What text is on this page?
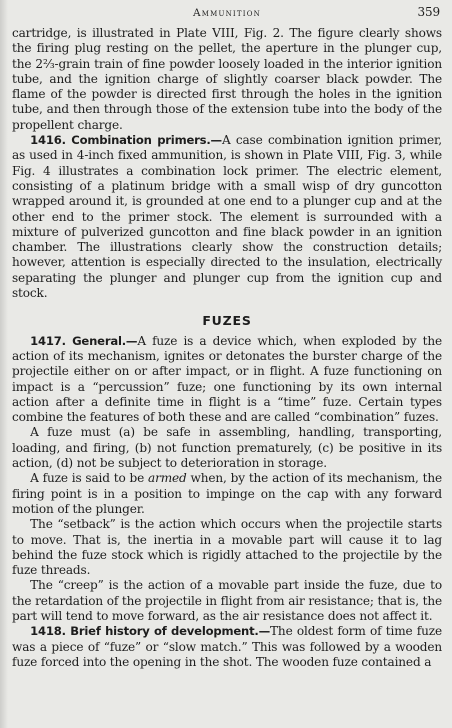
Ammunition	359

cartridge, is illustrated in Plate VIII, Fig. 2. The figure clearly shows the firing plug resting on the pellet, the aperture in the plunger cup, the 2⅔-grain train of fine powder loosely loaded in the interior ignition tube, and the ignition charge of slightly coarser black powder. The flame of the powder is directed first through the holes in the ignition tube, and then through those of the extension tube into the body of the propellent charge.

1416. Combination primers.—A case combination ignition primer, as used in 4-inch fixed ammunition, is shown in Plate VIII, Fig. 3, while Fig. 4 illustrates a combination lock primer. The electric element, consisting of a platinum bridge with a small wisp of dry guncotton wrapped around it, is grounded at one end to a plunger cup and at the other end to the primer stock. The element is surrounded with a mixture of pulverized guncotton and fine black powder in an ignition chamber. The illustrations clearly show the construction details; however, attention is especially directed to the insulation, electrically separating the plunger and plunger cup from the ignition cup and stock.

FUZES

1417. General.—A fuze is a device which, when exploded by the action of its mechanism, ignites or detonates the burster charge of the projectile either on or after impact, or in flight. A fuze functioning on impact is a “percussion” fuze; one functioning by its own internal action after a definite time in flight is a “time” fuze. Certain types combine the features of both these and are called “combination” fuzes.

A fuze must (a) be safe in assembling, handling, transporting, loading, and firing, (b) not function prematurely, (c) be positive in its action, (d) not be subject to deterioration in storage.

A fuze is said to be armed when, by the action of its mechanism, the firing point is in a position to impinge on the cap with any forward motion of the plunger.

The “setback” is the action which occurs when the projectile starts to move. That is, the inertia in a movable part will cause it to lag behind the fuze stock which is rigidly attached to the projectile by the fuze threads.

The “creep” is the action of a movable part inside the fuze, due to the retardation of the projectile in flight from air resistance; that is, the part will tend to move forward, as the air resistance does not affect it.

1418. Brief history of development.—The oldest form of time fuze was a piece of “fuze” or “slow match.” This was followed by a wooden fuze forced into the opening in the shot. The wooden fuze contained a
